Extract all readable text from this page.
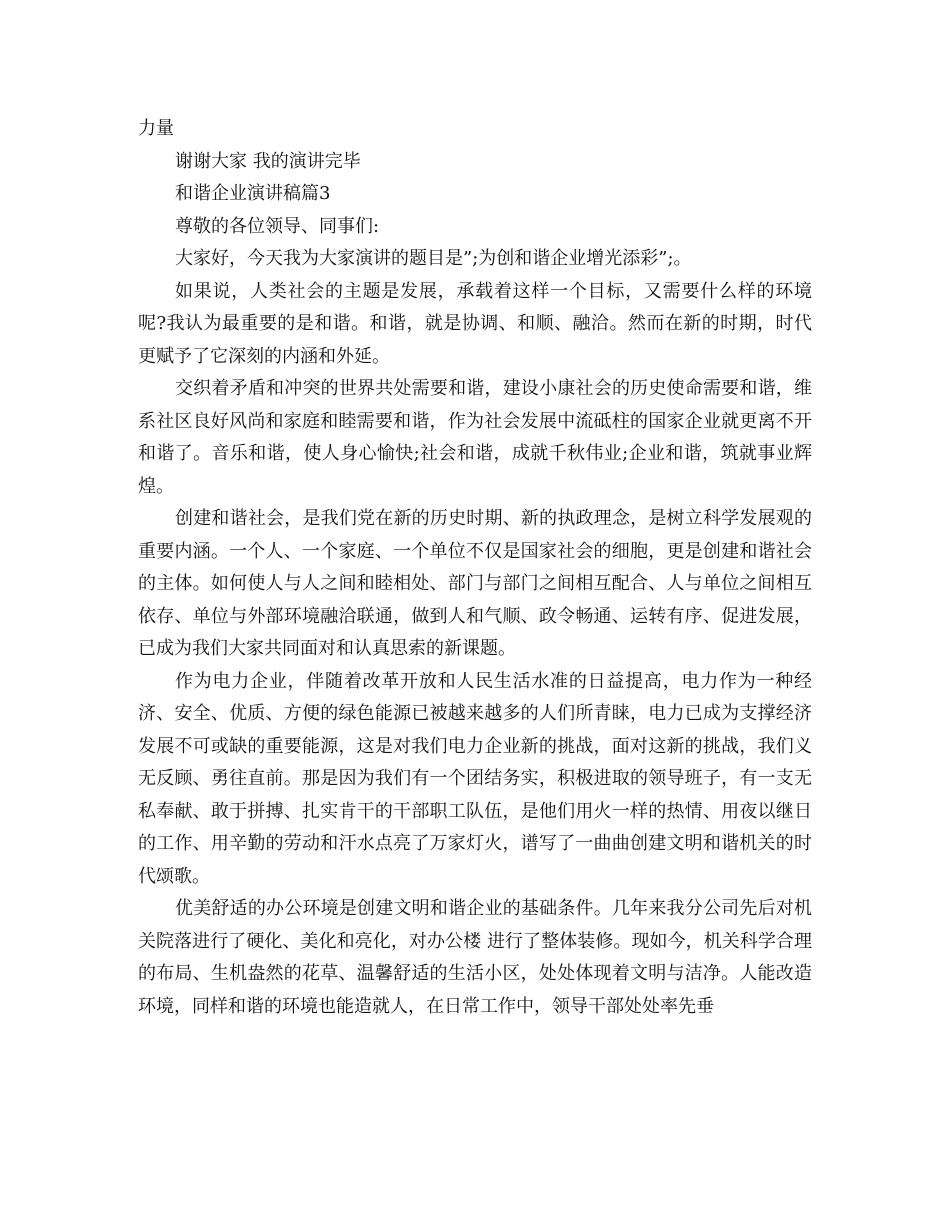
力量

谢谢大家 我的演讲完毕

和谐企业演讲稿篇3

尊敬的各位领导、同事们:

大家好，今天我为大家演讲的题目是”;为创和谐企业增光添彩”;。

如果说，人类社会的主题是发展，承载着这样一个目标，又需要什么样的环境呢?我认为最重要的是和谐。和谐，就是协调、和顺、融洽。然而在新的时期，时代更赋予了它深刻的内涵和外延。

交织着矛盾和冲突的世界共处需要和谐，建设小康社会的历史使命需要和谐，维系社区良好风尚和家庭和睦需要和谐，作为社会发展中流砥柱的国家企业就更离不开和谐了。音乐和谐，使人身心愉快;社会和谐，成就千秋伟业;企业和谐，筑就事业辉煌。

创建和谐社会，是我们党在新的历史时期、新的执政理念，是树立科学发展观的重要内涵。一个人、一个家庭、一个单位不仅是国家社会的细胞，更是创建和谐社会的主体。如何使人与人之间和睦相处、部门与部门之间相互配合、人与单位之间相互依存、单位与外部环境融洽联通，做到人和气顺、政令畅通、运转有序、促进发展，已成为我们大家共同面对和认真思索的新课题。

作为电力企业，伴随着改革开放和人民生活水准的日益提高，电力作为一种经济、安全、优质、方便的绿色能源已被越来越多的人们所青睐，电力已成为支撑经济发展不可或缺的重要能源，这是对我们电力企业新的挑战，面对这新的挑战，我们义无反顾、勇往直前。那是因为我们有一个团结务实，积极进取的领导班子，有一支无私奉献、敢于拼搏、扎实肯干的干部职工队伍，是他们用火一样的热情、用夜以继日的工作、用辛勤的劳动和汗水点亮了万家灯火，谱写了一曲曲创建文明和谐机关的时代颂歌。

优美舒适的办公环境是创建文明和谐企业的基础条件。几年来我分公司先后对机关院落进行了硬化、美化和亮化，对办公楼 进行了整体装修。现如今，机关科学合理的布局、生机盎然的花草、温馨舒适的生活小区，处处体现着文明与洁净。人能改造环境，同样和谐的环境也能造就人，在日常工作中，领导干部处处率先垂
